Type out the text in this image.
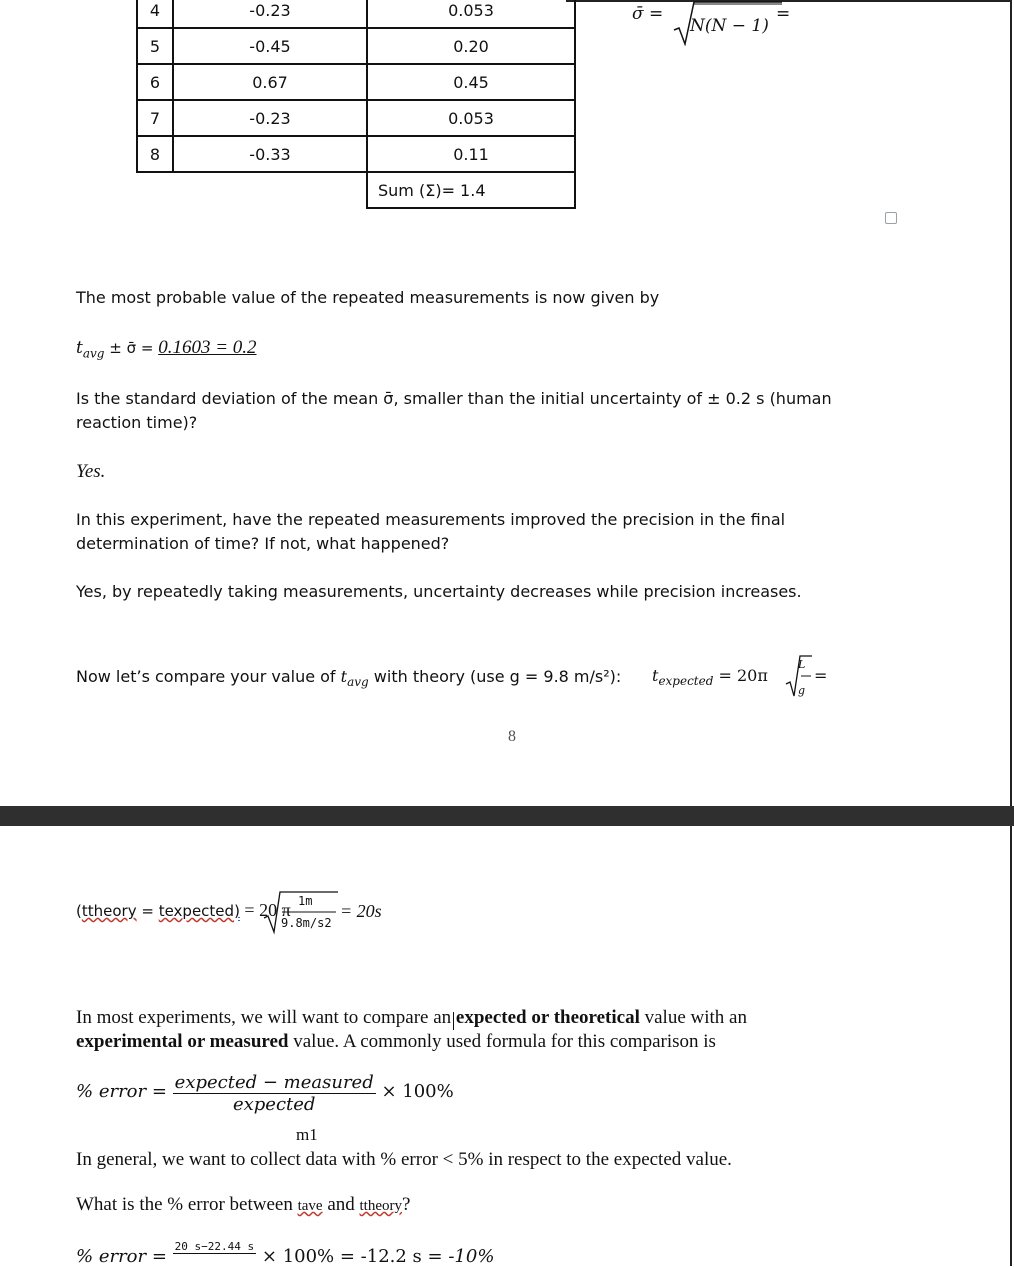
4	-0.23	0.053
5	-0.45	0.20
6	0.67	0.45
7	-0.23	0.053
8	-0.33	0.11
		Sum (Σ)= 1.4
σ̄ =
N(N − 1)
=
The most probable value of the repeated measurements is now given by
$t_{avg}$ ± σ̄ = 0.1603 = 0.2
Is the standard deviation of the mean σ̄, smaller than the initial uncertainty of ± 0.2 s (human reaction time)?
Yes.
In this experiment, have the repeated measurements improved the precision in the final determination of time? If not, what happened?
Yes, by repeatedly taking measurements, uncertainty decreases while precision increases.
Now let’s compare your value of $t_{avg}$ with theory (use g = 9.8 m/s²): $t_{expected} = 20\pi$
L
g
=
8
(ttheory = texpected) = 20 π 1m
9.8m/s2
= 20s
In most experiments, we will want to compare an expected or theoretical value with an experimental or measured value. A commonly used formula for this comparison is
% error = $\frac{\text{expected − measured}}{\text{expected}} \times 100\%$
m1
In general, we want to collect data with % error < 5% in respect to the expected value.
What is the % error between tave and ttheory?
% error = 20 s−22.44 s × 100% = -12.2 s = -10%
